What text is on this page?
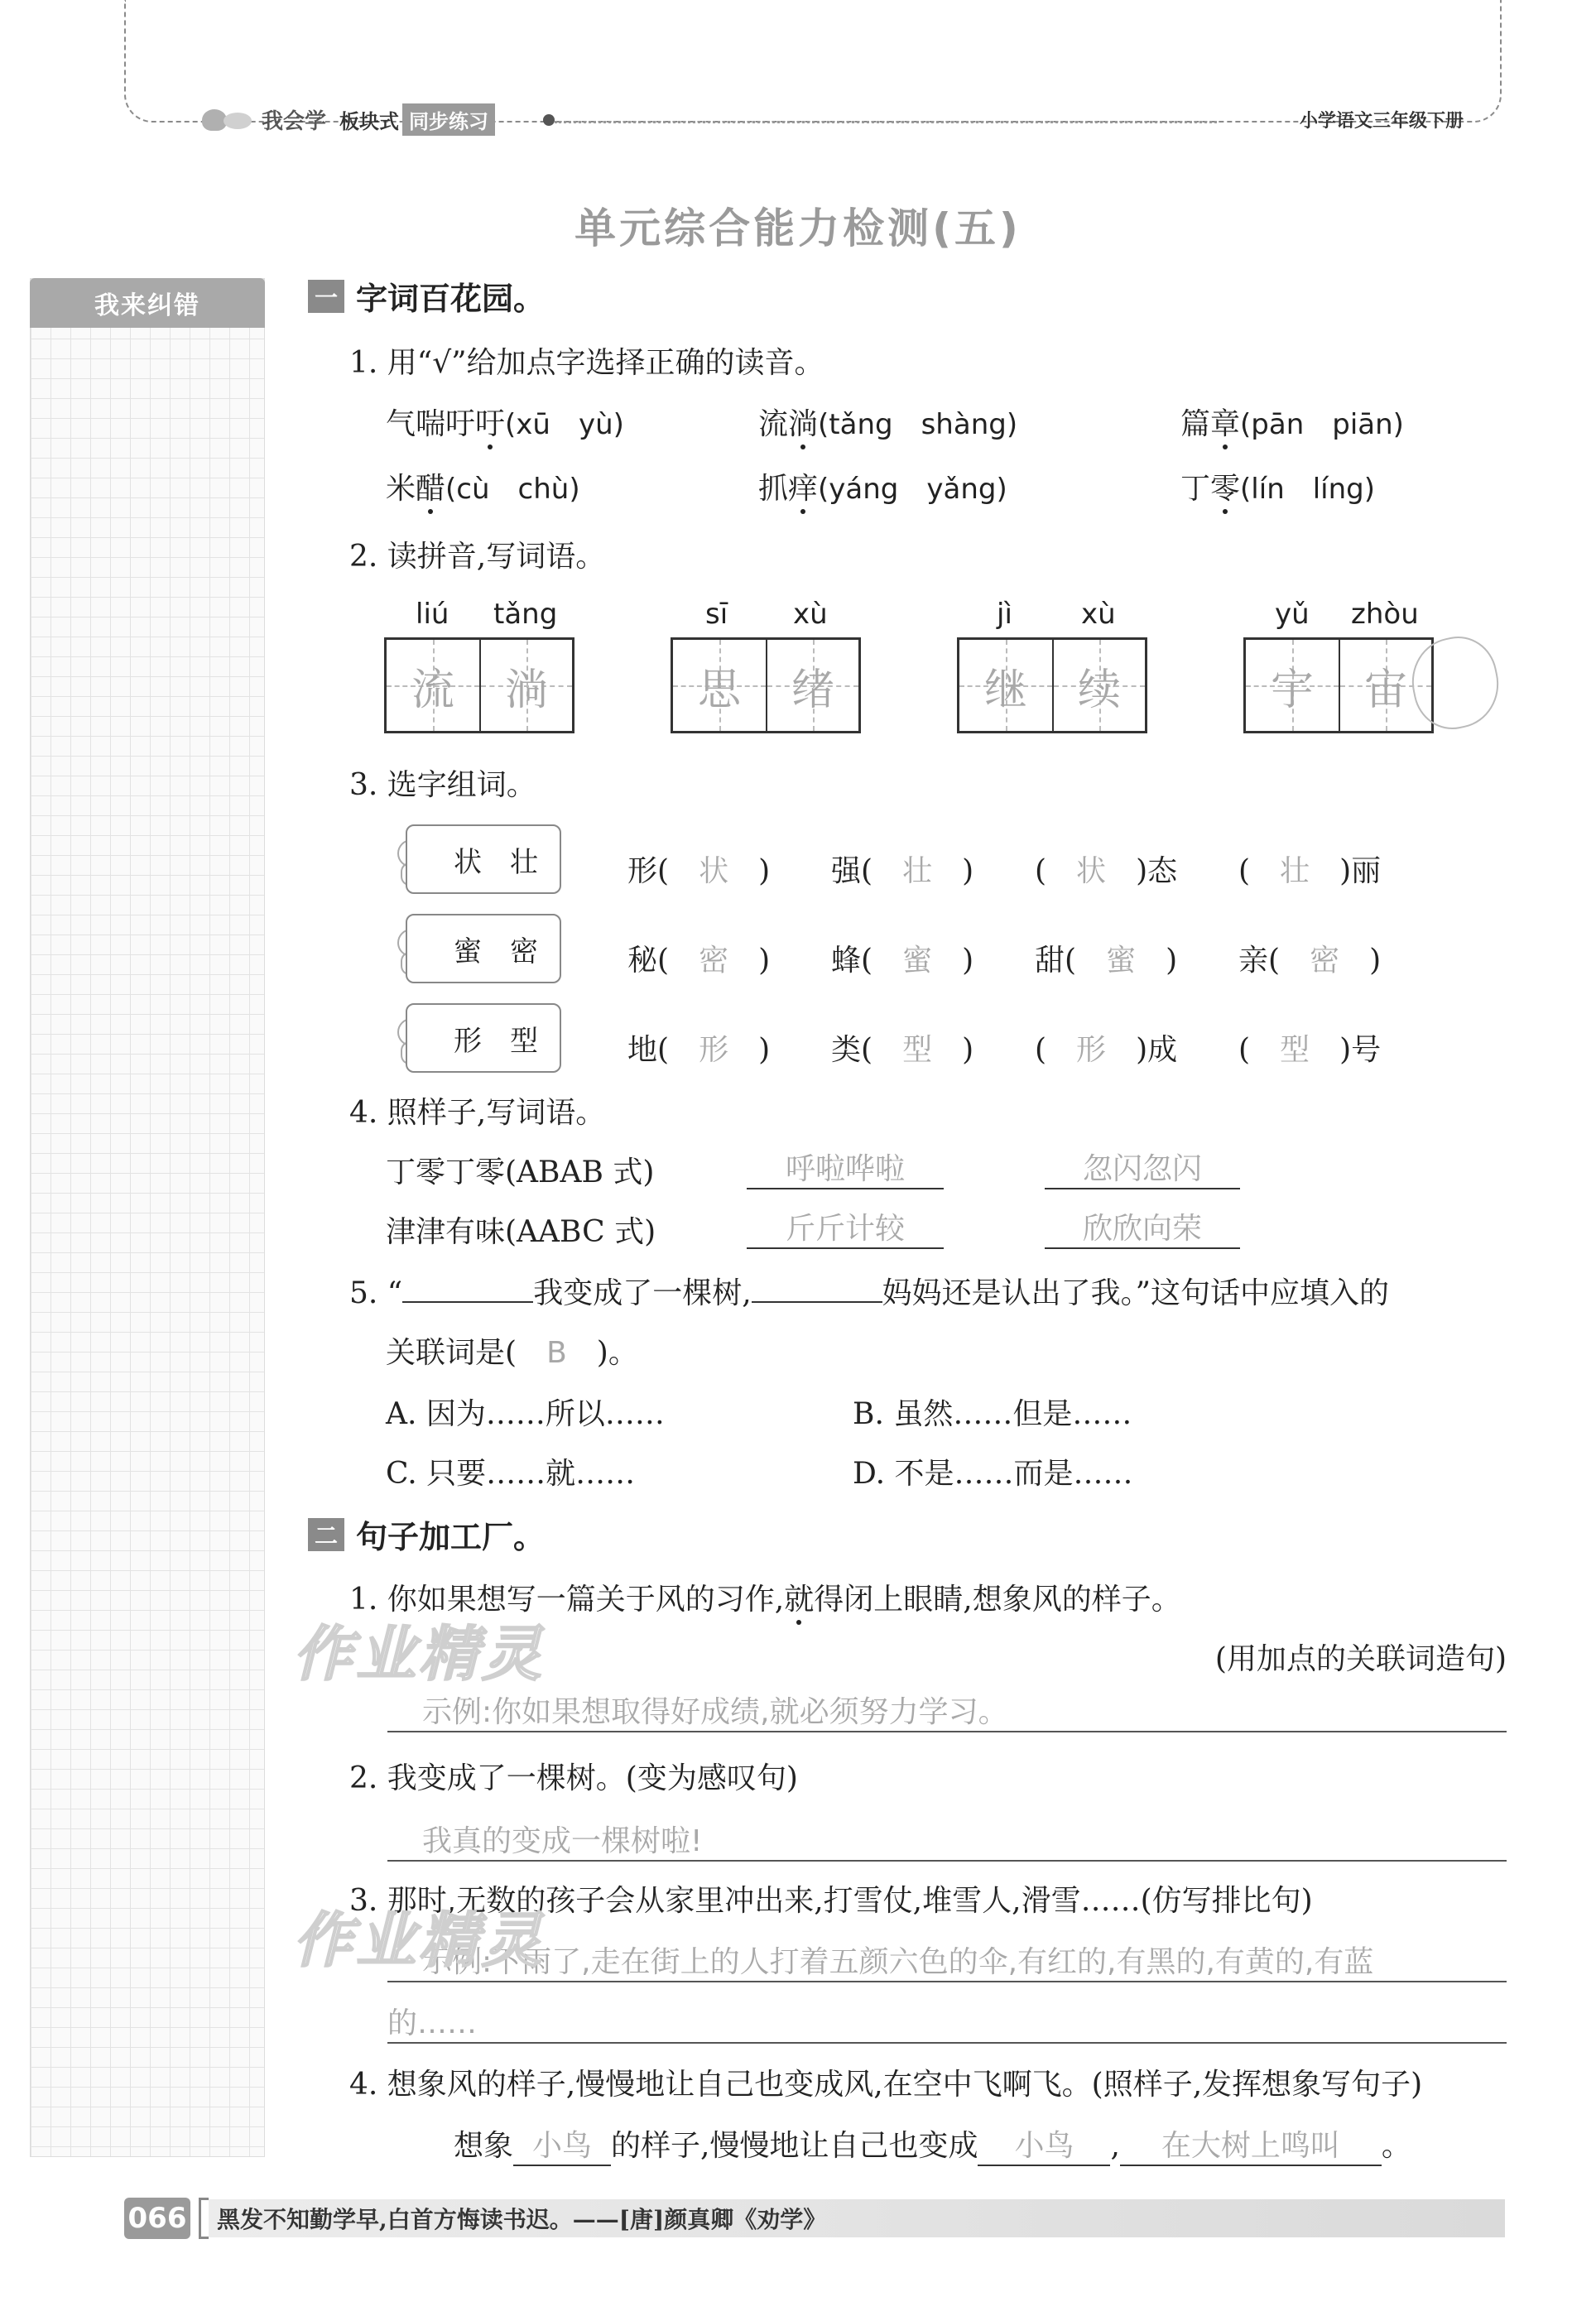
我会学 板块式 同步练习	小学语文三年级下册
单元综合能力检测(五)
我来纠错	一 字词百花园。
1. 用“√”给加点字选择正确的读音。
气喘吁吁(xū　yù)	流淌(tǎng　shàng)	篇章(pān　piān)
米醋(cù　chù)	抓痒(yáng　yǎng)	丁零(lín　líng)
2. 读拼音,写词语。
liú tǎng
流 淌
sī xù
思 绪
jì xù
继 续
yǔ zhòu
宇 宙
3. 选字组词。
状 壮	形(　 状　) 强(　 壮　) (　状　 )态 (　壮　 )丽
蜜 密	秘(　 密　) 蜂(　 蜜　) 甜(　 蜜　) 亲(　 密　)
形 型	地(　 形　) 类(　 型　) (　形　 )成 (　型　 )号
4. 照样子,写词语。
丁零丁零(ABAB 式)	呼啦哗啦	忽闪忽闪
津津有味(AABC 式)	斤斤计较	欣欣向荣
5. “	我变成了一棵树,	妈妈还是认出了我。”这句话中应填入的
关联词是(　 B　 )。
A. 因为……所以……	B. 虽然……但是……
C. 只要……就……	D. 不是……而是……
二 句子加工厂。
1. 你如果想写一篇关于风的习作,就得闭上眼睛,想象风的样子。
(用加点的关联词造句)
示例:你如果想取得好成绩,就必须努力学习。
2. 我变成了一棵树。(变为感叹句)
我真的变成一棵树啦!
3. 那时,无数的孩子会从家里冲出来,打雪仗,堆雪人,滑雪……(仿写排比句)
示例:下雨了,走在街上的人打着五颜六色的伞,有红的,有黑的,有黄的,有蓝
的……
4. 想象风的样子,慢慢地让自己也变成风,在空中飞啊飞。(照样子,发挥想象写句子)
想象 小鸟 的样子,慢慢地让自己也变成 小鸟 , 在大树上鸣叫 。
作业精灵
作业精灵
066	黑发不知勤学早,白首方悔读书迟。——[唐]颜真卿《劝学》
